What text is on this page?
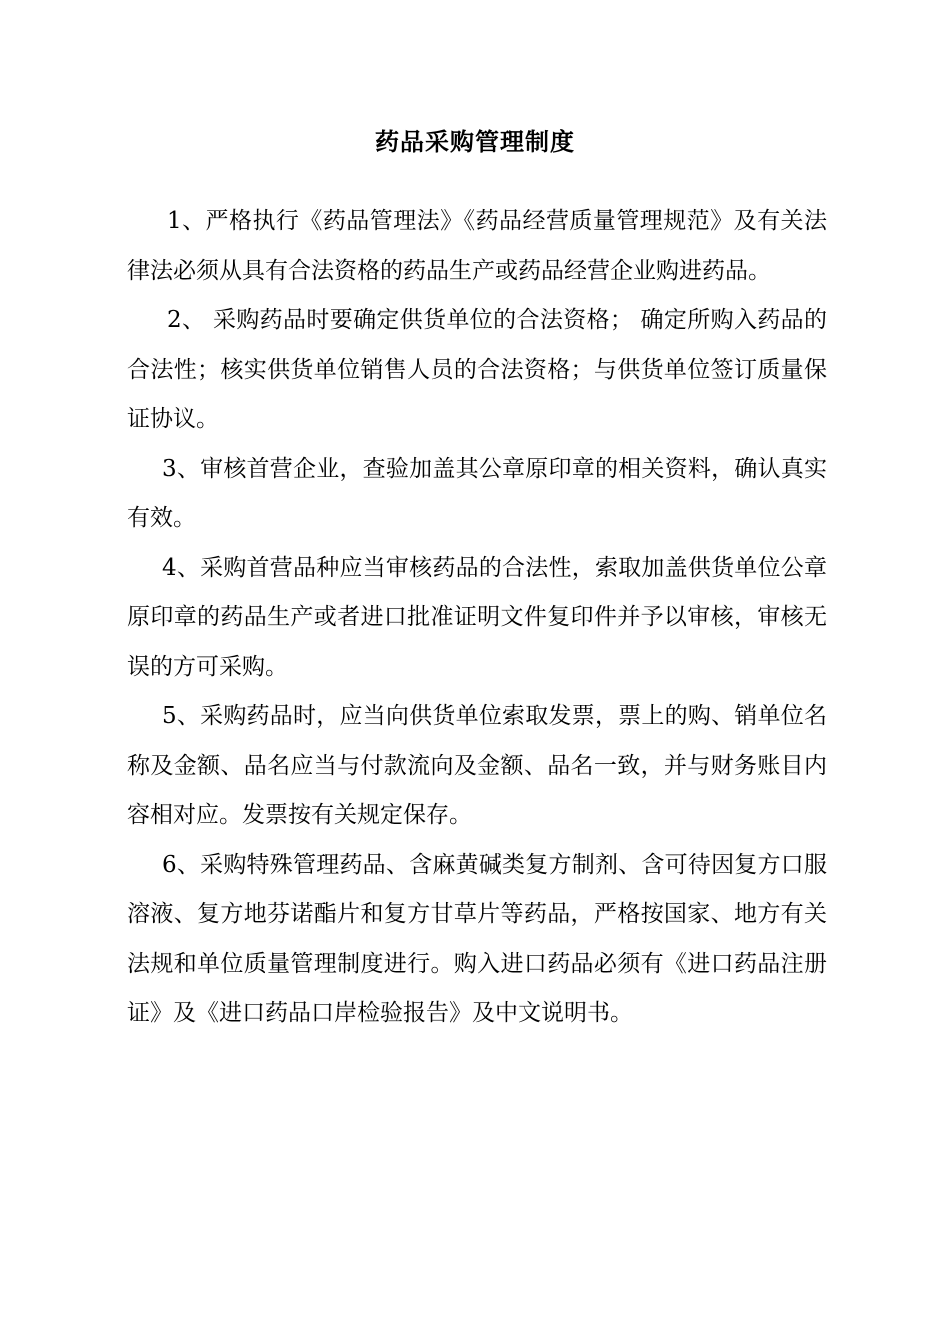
药品采购管理制度

1、严格执行《药品管理法》《药品经营质量管理规范》及有关法律法必须从具有合法资格的药品生产或药品经营企业购进药品。

2、 采购药品时要确定供货单位的合法资格； 确定所购入药品的合法性；核实供货单位销售人员的合法资格；与供货单位签订质量保证协议。

3、审核首营企业，查验加盖其公章原印章的相关资料，确认真实有效。

4、采购首营品种应当审核药品的合法性，索取加盖供货单位公章原印章的药品生产或者进口批准证明文件复印件并予以审核，审核无误的方可采购。

5、采购药品时，应当向供货单位索取发票，票上的购、销单位名称及金额、品名应当与付款流向及金额、品名一致，并与财务账目内容相对应。发票按有关规定保存。

6、采购特殊管理药品、含麻黄碱类复方制剂、含可待因复方口服溶液、复方地芬诺酯片和复方甘草片等药品，严格按国家、地方有关法规和单位质量管理制度进行。购入进口药品必须有《进口药品注册证》及《进口药品口岸检验报告》及中文说明书。
